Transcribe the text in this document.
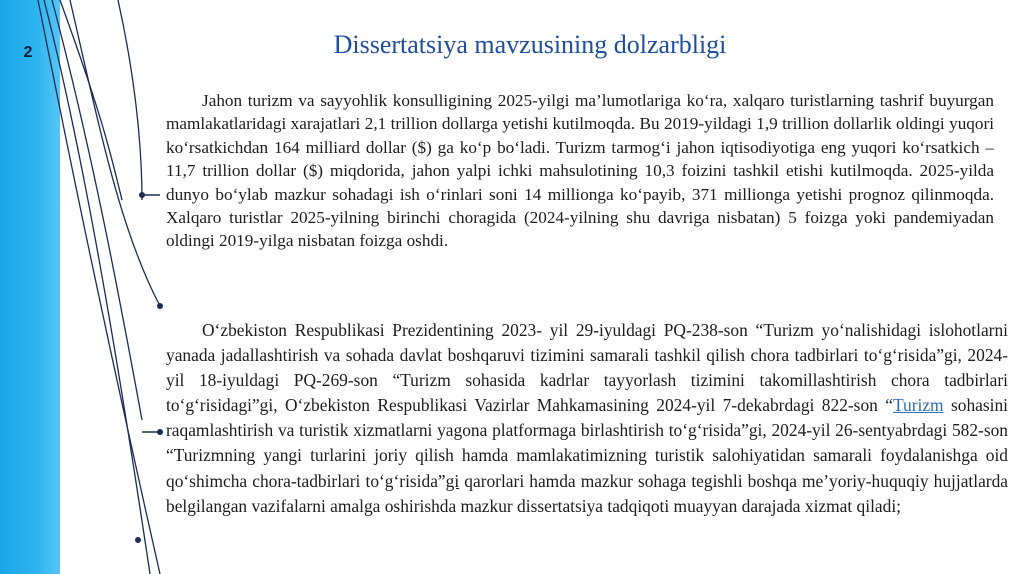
2	Dissertatsiya mavzusining dolzarbligi

Jahon turizm va sayyohlik konsulligining 2025-yilgi ma’lumotlariga ko‘ra, xalqaro turistlarning tashrif buyurgan mamlakatlaridagi xarajatlari 2,1 trillion dollarga yetishi kutilmoqda. Bu 2019-yildagi 1,9 trillion dollarlik oldingi yuqori ko‘rsatkichdan 164 milliard dollar ($) ga ko‘p bo‘ladi. Turizm tarmog‘i jahon iqtisodiyotiga eng yuqori ko‘rsatkich – 11,7 trillion dollar ($) miqdorida, jahon yalpi ichki mahsulotining 10,3 foizini tashkil etishi kutilmoqda. 2025-yilda dunyo bo‘ylab mazkur sohadagi ish o‘rinlari soni 14 millionga ko‘payib, 371 millionga yetishi prognoz qilinmoqda. Xalqaro turistlar 2025-yilning birinchi choragida (2024-yilning shu davriga nisbatan) 5 foizga yoki pandemiyadan oldingi 2019-yilga nisbatan foizga oshdi.

O‘zbekiston Respublikasi Prezidentining 2023- yil 29-iyuldagi PQ-238-son “Turizm yo‘nalishidagi islohotlarni yanada jadallashtirish va sohada davlat boshqaruvi tizimini samarali tashkil qilish chora tadbirlari to‘g‘risida”gi, 2024-yil 18-iyuldagi PQ-269-son “Turizm sohasida kadrlar tayyorlash tizimini takomillashtirish chora tadbirlari to‘g‘risidagi”gi, O‘zbekiston Respublikasi Vazirlar Mahkamasining 2024-yil 7-dekabrdagi 822-son “Turizm sohasini raqamlashtirish va turistik xizmatlarni yagona platformaga birlashtirish to‘g‘risida”gi, 2024-yil 26-sentyabrdagi 582-son “Turizmning yangi turlarini joriy qilish hamda mamlakatimizning turistik salohiyatidan samarali foydalanishga oid qo‘shimcha chora-tadbirlari to‘g‘risida”gi qarorlari hamda mazkur sohaga tegishli boshqa me’yoriy-huquqiy hujjatlarda belgilangan vazifalarni amalga oshirishda mazkur dissertatsiya tadqiqoti muayyan darajada xizmat qiladi;
